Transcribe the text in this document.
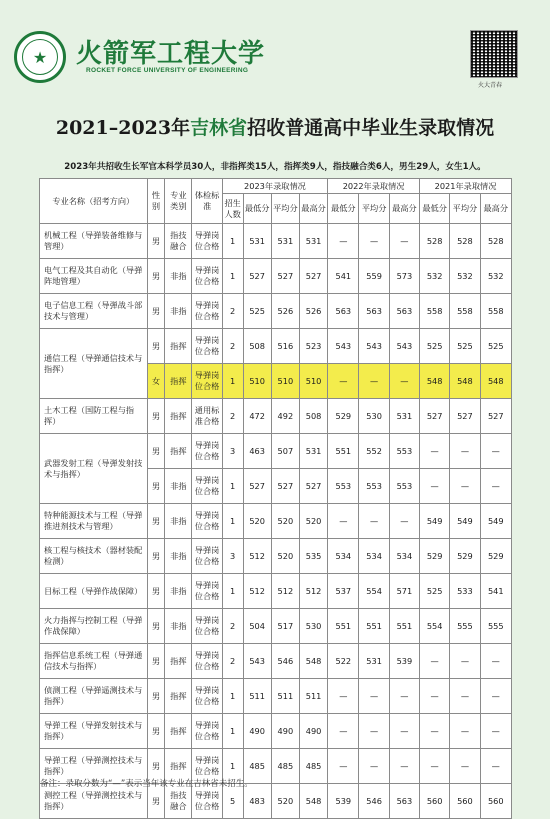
★	火箭军工程大学
ROCKET FORCE UNIVERSITY OF ENGINEERING
火大青春
2021–2023年吉林省招收普通高中毕业生录取情况
2023年共招收生长军官本科学员30人，非指挥类15人，指挥类9人，指技融合类6人，男生29人，女生1人。
专业名称（招考方向）	性别	专业类别	体检标准	2023年录取情况				2022年录取情况			2021年录取情况		
				招生人数	最低分	平均分	最高分	最低分	平均分	最高分	最低分	平均分	最高分
机械工程（导弹装备维修与管理）	男	指技融合	导弹岗位合格	1	531	531	531	—	—	—	528	528	528
电气工程及其自动化（导弹阵地管理）	男	非指	导弹岗位合格	1	527	527	527	541	559	573	532	532	532
电子信息工程（导弹战斗部技术与管理）	男	非指	导弹岗位合格	2	525	526	526	563	563	563	558	558	558
通信工程（导弹通信技术与指挥）	男	指挥	导弹岗位合格	2	508	516	523	543	543	543	525	525	525
	女	指挥	导弹岗位合格	1	510	510	510	—	—	—	548	548	548
土木工程（国防工程与指挥）	男	指挥	通用标准合格	2	472	492	508	529	530	531	527	527	527
武器发射工程（导弹发射技术与指挥）	男	指挥	导弹岗位合格	3	463	507	531	551	552	553	—	—	—
	男	非指	导弹岗位合格	1	527	527	527	553	553	553	—	—	—
特种能源技术与工程（导弹推进剂技术与管理）	男	非指	导弹岗位合格	1	520	520	520	—	—	—	549	549	549
核工程与核技术（器材装配检测）	男	非指	导弹岗位合格	3	512	520	535	534	534	534	529	529	529
目标工程（导弹作战保障）	男	非指	导弹岗位合格	1	512	512	512	537	554	571	525	533	541
火力指挥与控制工程（导弹作战保障）	男	非指	导弹岗位合格	2	504	517	530	551	551	551	554	555	555
指挥信息系统工程（导弹通信技术与指挥）	男	指挥	导弹岗位合格	2	543	546	548	522	531	539	—	—	—
侦测工程（导弹遥测技术与指挥）	男	指挥	导弹岗位合格	1	511	511	511	—	—	—	—	—	—
导弹工程（导弹发射技术与指挥）	男	指挥	导弹岗位合格	1	490	490	490	—	—	—	—	—	—
导弹工程（导弹测控技术与指挥）	男	指挥	导弹岗位合格	1	485	485	485	—	—	—	—	—	—
测控工程（导弹测控技术与指挥）	男	指技融合	导弹岗位合格	5	483	520	548	539	546	563	560	560	560
备注：录取分数为“—”表示当年该专业在吉林省未招生。
